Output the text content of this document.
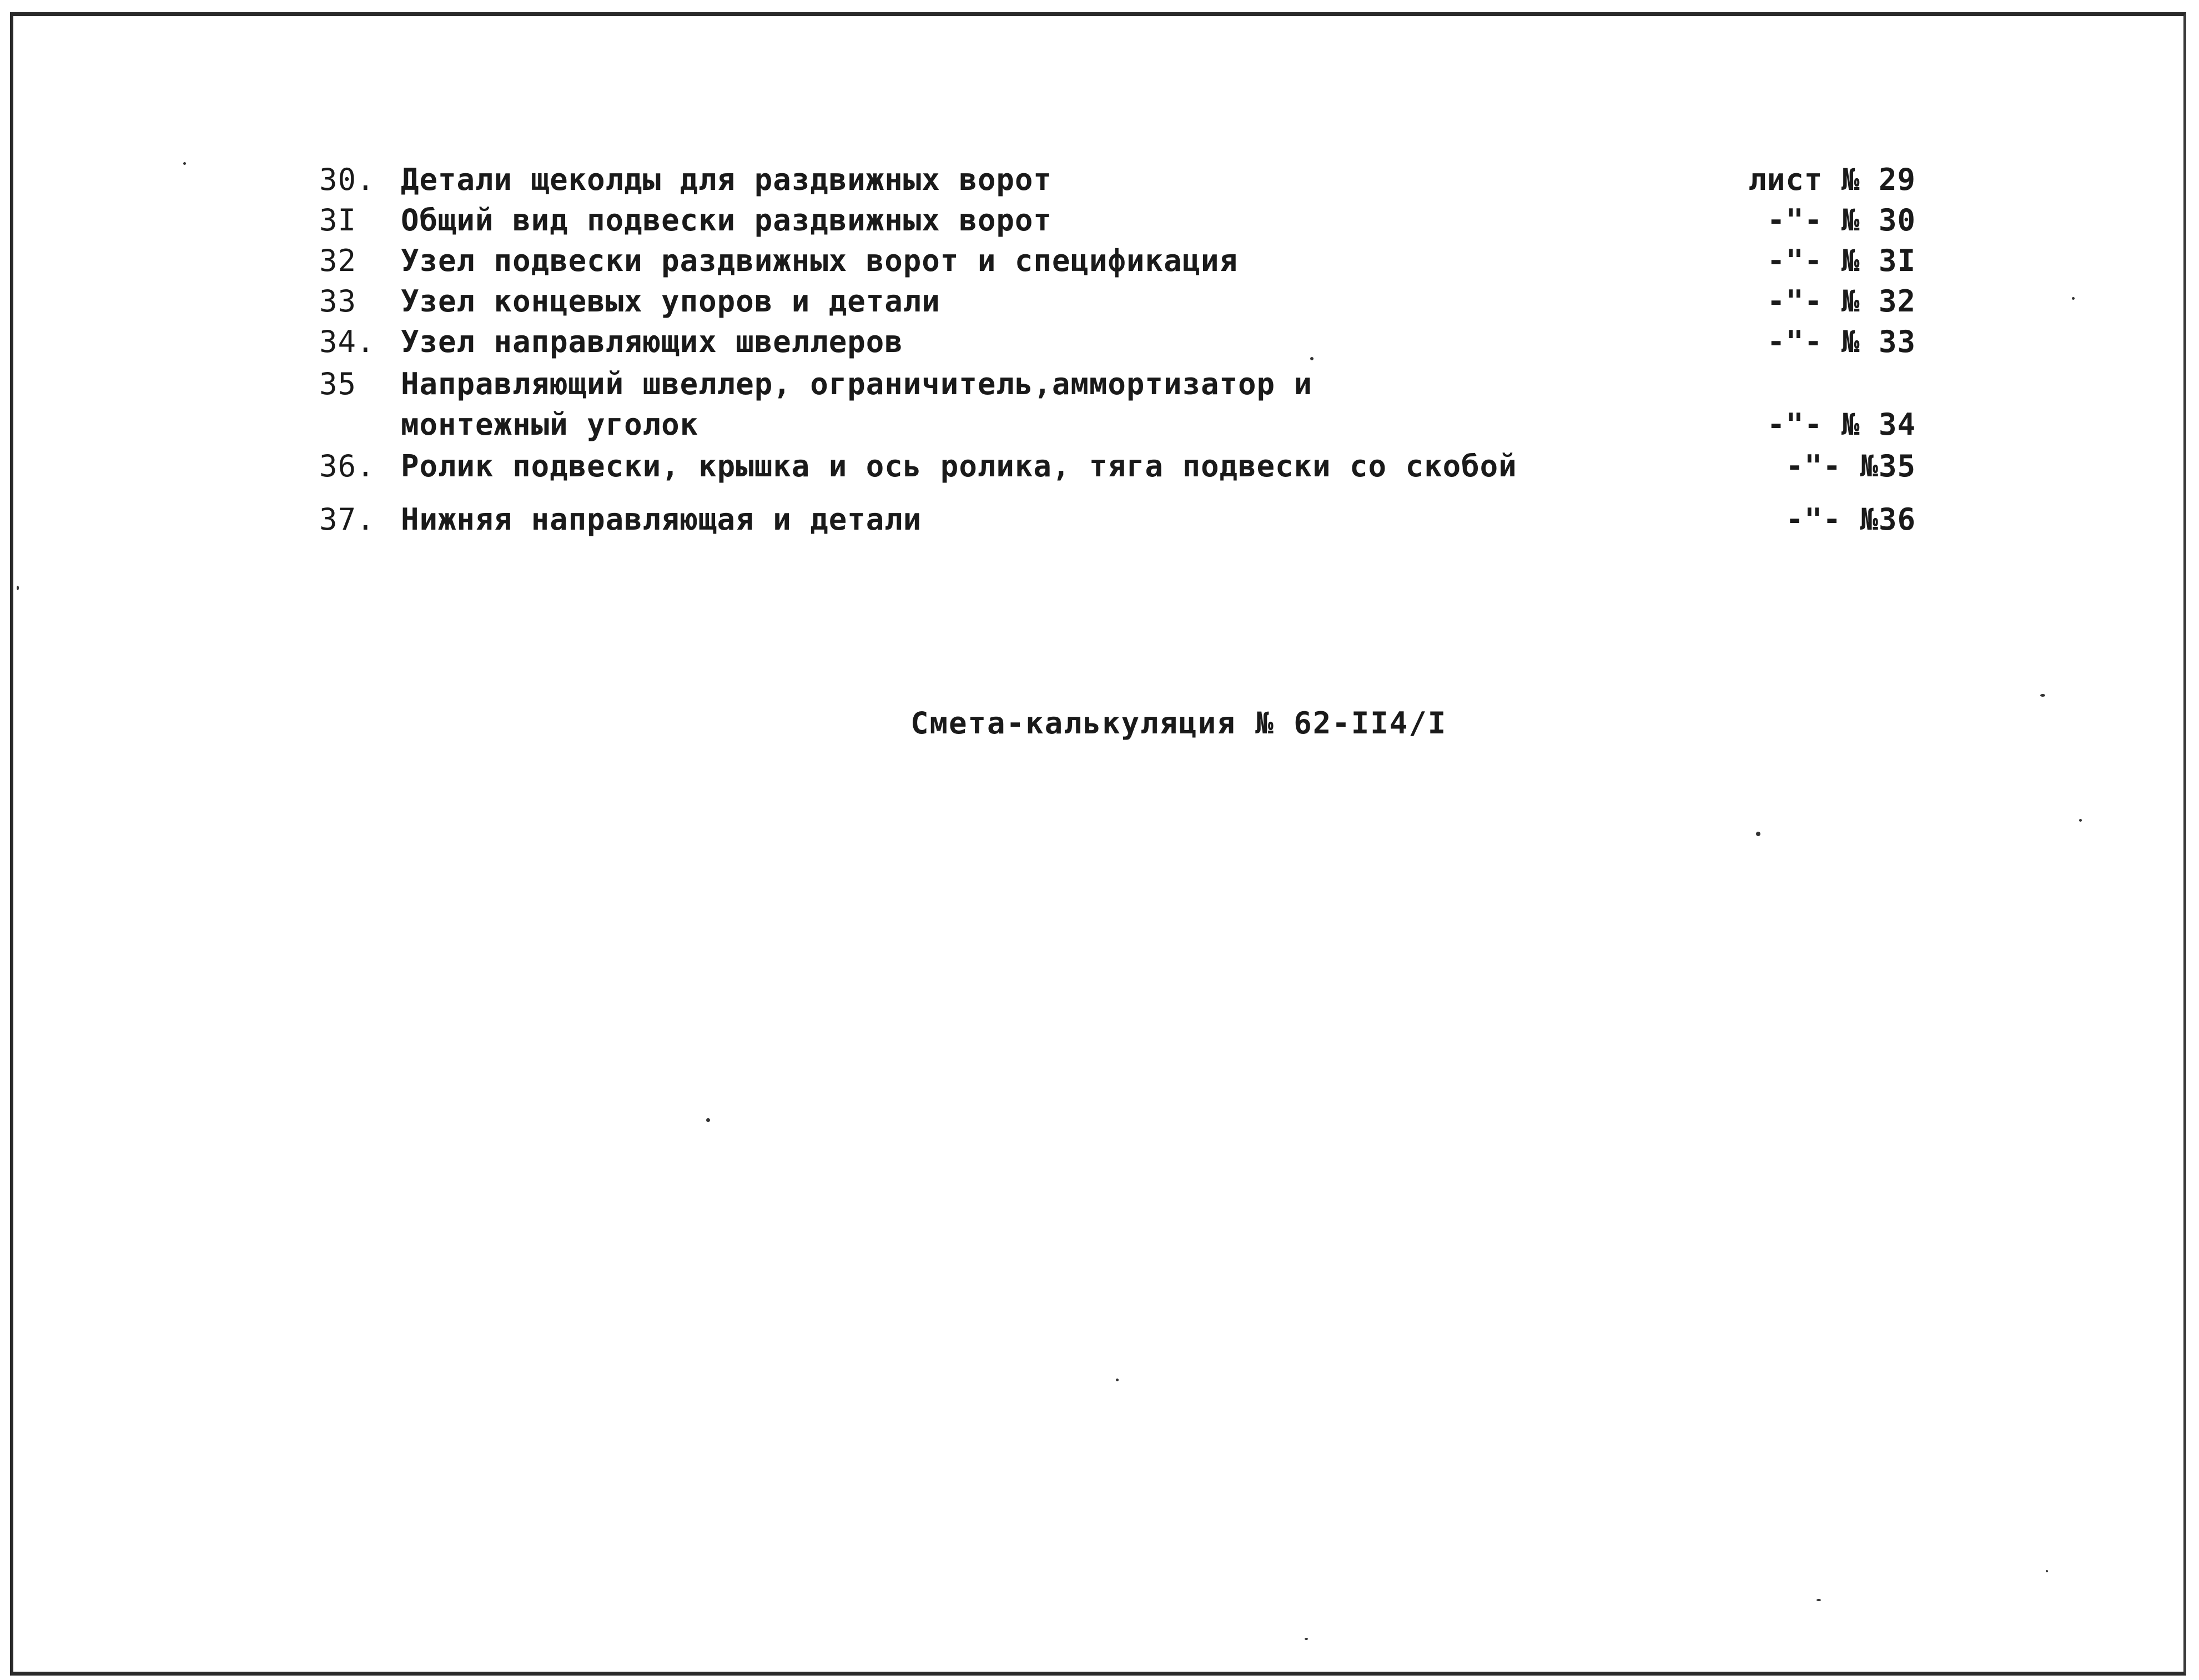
30. Детали щеколды для раздвижных ворот	лист № 29
3I Общий вид подвески раздвижных ворот	-"- № 30
32 Узел подвески раздвижных ворот и спецификация	-"- № 3I
33 Узел концевых упоров и детали	-"- № 32
34. Узел направляющих швеллеров	-"- № 33
35 Направляющий швеллер, ограничитель,аммортизатор и
монтежный уголок	-"- № 34
36. Ролик подвески, крышка и ось ролика, тяга подвески со скобой	-"- №35
37. Нижняя направляющая и детали	-"- №36
Смета-калькуляция № 62-II4/I
